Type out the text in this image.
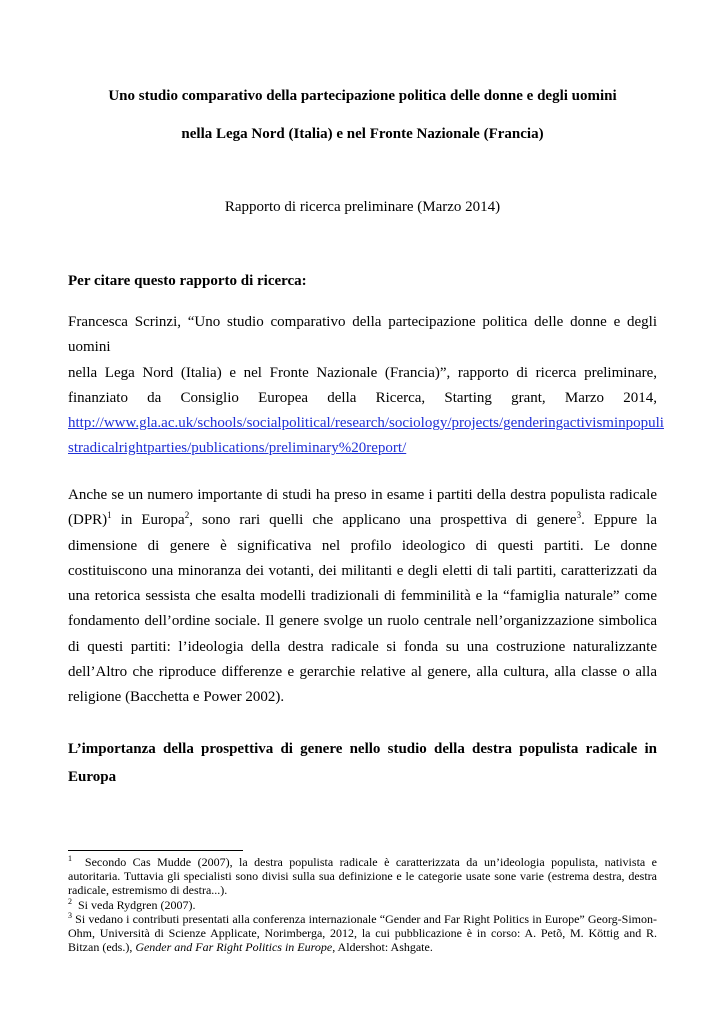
Uno studio comparativo della partecipazione politica delle donne e degli uomini
nella Lega Nord (Italia) e nel Fronte Nazionale (Francia)
Rapporto di ricerca preliminare (Marzo 2014)
Per citare questo rapporto di ricerca:
Francesca Scrinzi, “Uno studio comparativo della partecipazione politica delle donne e degli uomini
nella Lega Nord (Italia) e nel Fronte Nazionale (Francia)”, rapporto di ricerca preliminare,
finanziato da Consiglio Europea della Ricerca, Starting grant, Marzo 2014,
http://www.gla.ac.uk/schools/socialpolitical/research/sociology/projects/genderingactivisminpopuli
stradicalrightparties/publications/preliminary%20report/
Anche se un numero importante di studi ha preso in esame i partiti della destra populista radicale (DPR)$^1$ in Europa$^2$, sono rari quelli che applicano una prospettiva di genere$^3$. Eppure la dimensione di genere è significativa nel profilo ideologico di questi partiti. Le donne costituiscono una minoranza dei votanti, dei militanti e degli eletti di tali partiti, caratterizzati da una retorica sessista che esalta modelli tradizionali di femminilità e la “famiglia naturale” come fondamento dell’ordine sociale. Il genere svolge un ruolo centrale nell’organizzazione simbolica di questi partiti: l’ideologia della destra radicale si fonda su una costruzione naturalizzante dell’Altro che riproduce differenze e gerarchie relative al genere, alla cultura, alla classe o alla religione (Bacchetta e Power 2002).
L’importanza della prospettiva di genere nello studio della destra populista radicale in Europa

$^1$ Secondo Cas Mudde (2007), la destra populista radicale è caratterizzata da un’ideologia populista, nativista e autoritaria. Tuttavia gli specialisti sono divisi sulla sua definizione e le categorie usate sone varie (estrema destra, destra radicale, estremismo di destra...).

$^2$ Si veda Rydgren (2007).

$^3$ Si vedano i contributi presentati alla conferenza internazionale “Gender and Far Right Politics in Europe” Georg-Simon-Ohm, Università di Scienze Applicate, Norimberga, 2012, la cui pubblicazione è in corso: A. Petõ, M. Köttig and R. Bitzan (eds.), Gender and Far Right Politics in Europe, Aldershot: Ashgate.
